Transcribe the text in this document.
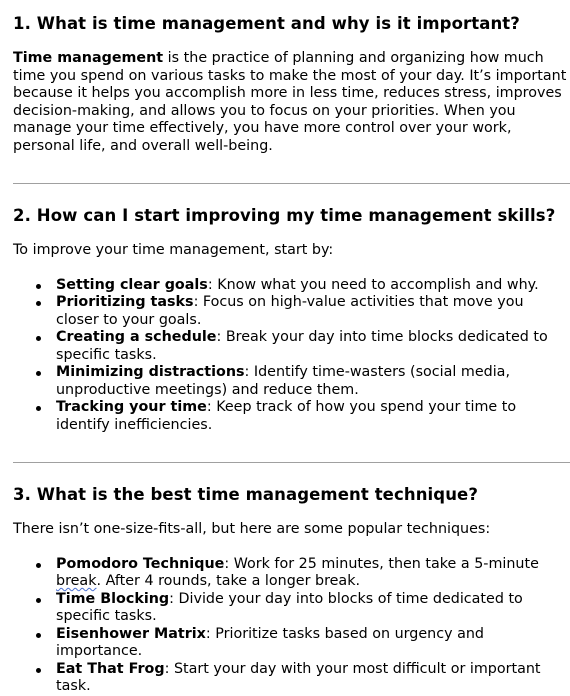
1. What is time management and why is it important?

Time management is the practice of planning and organizing how much time you spend on various tasks to make the most of your day. It’s important because it helps you accomplish more in less time, reduces stress, improves decision-making, and allows you to focus on your priorities. When you manage your time effectively, you have more control over your work, personal life, and overall well-being.

2. How can I start improving my time management skills?

To improve your time management, start by:

Setting clear goals: Know what you need to accomplish and why.
Prioritizing tasks: Focus on high-value activities that move you closer to your goals.
Creating a schedule: Break your day into time blocks dedicated to specific tasks.
Minimizing distractions: Identify time-wasters (social media, unproductive meetings) and reduce them.
Tracking your time: Keep track of how you spend your time to identify inefficiencies.
3. What is the best time management technique?

There isn’t one-size-fits-all, but here are some popular techniques:

Pomodoro Technique: Work for 25 minutes, then take a 5-minute break. After 4 rounds, take a longer break.
Time Blocking: Divide your day into blocks of time dedicated to specific tasks.
Eisenhower Matrix: Prioritize tasks based on urgency and importance.
Eat That Frog: Start your day with your most difficult or important task.
